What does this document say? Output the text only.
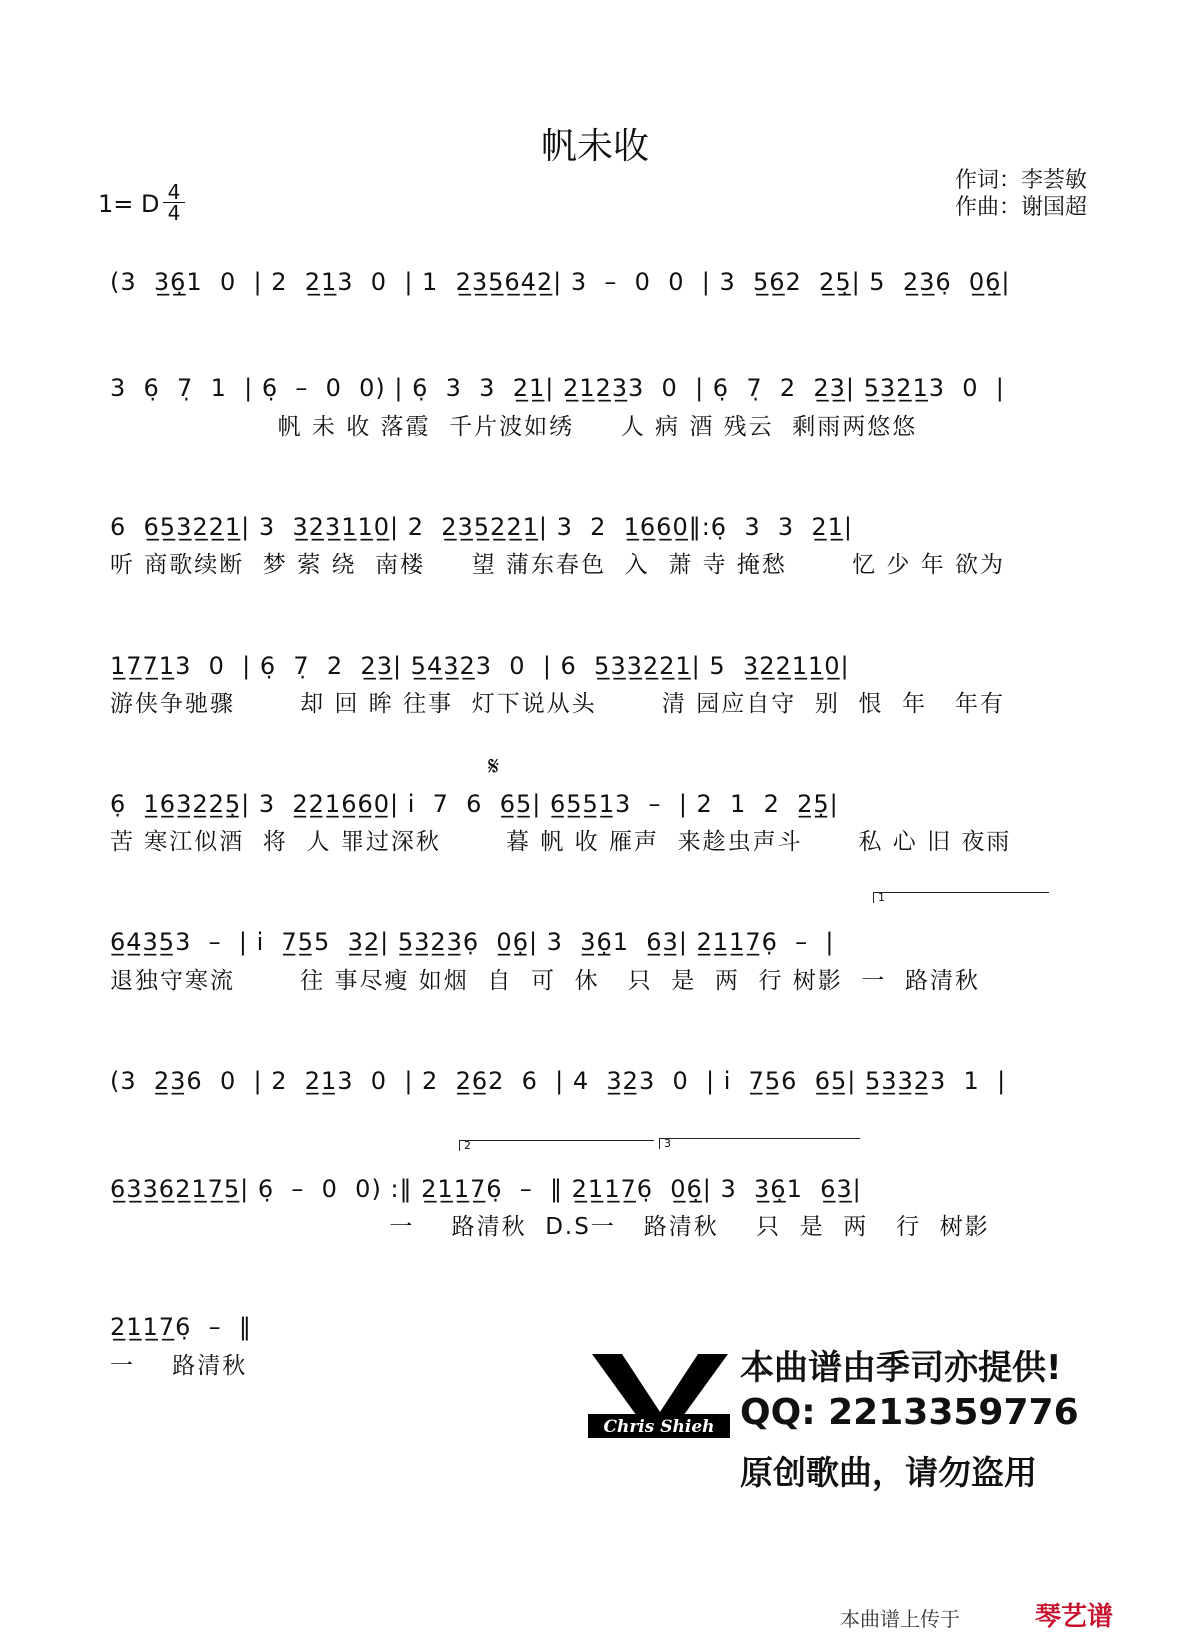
帆未收
1= D $\frac{4}{4}$
作词：李荟敏
作曲：谢国超
(3  3̲6̲̣1  0  | 2  2̲1̲3  0  | 1  2̲3̲5̲6̲4̲2̲| 3  –  0  0  | 3  5̲6̲2  2̲5̣̲| 5  2̲3̲6̣  0̲6̣̲|
3  6̣  7̣  1  | 6̣  –  0  0) | 6̣  3  3  2̲1̲| 2̲1̲2̲3̲3  0  | 6̣  7̣  2  2̲3̲| 5̲3̲2̲1̲3  0  |
帆 未 收 落霞  千片波如绣     人 病 酒 残云  剩雨两悠悠
6  6̲5̲3̲2̲2̲1̲| 3  3̲2̲3̲1̲1̲0̲| 2  2̲3̲5̲2̲2̲1̲| 3  2  1̲6̲6̲0̲‖:6̣  3  3  2̲1̲|
听 商歌续断  梦 萦 绕  南楼     望 蒲东春色  入  萧 寺 掩愁       忆 少 年 欲为
1̲7̲7̲1̲3  0  | 6̣  7̣  2  2̲3̲| 5̲4̲3̲2̲3  0  | 6  5̲3̲3̲2̲2̲1̲| 5  3̲2̲2̲1̲1̲0̲|
游侠争驰骤       却 回 眸 往事  灯下说从头       清 园应自守  别  恨  年   年有
𝄋
6̣  1̲6̲3̲2̲2̲5̣̲| 3  2̲2̲1̲6̲6̲0̲| i  7  6  6̲5̲| 6̲5̲5̲1̲3  –  | 2  1  2  2̲5̣̲|
苦 寒江似酒  将  人 罪过深秋       暮 帆 收 雁声  来趁虫声斗      私 心 旧 夜雨
1
6̲4̲3̲5̲3  –  | i  7̲5̲5  3̲2̲| 5̲3̲2̲3̲6̣  0̲6̣̲| 3  3̲6̲̣1  6̲3̲| 2̲1̲1̲7̲6̣  –  |
退独守寒流       往 事尽瘦 如烟  自  可  休   只  是  两  行 树影  一  路清秋
(3  2̲3̲6  0  | 2  2̲1̲3  0  | 2  2̲6̲2  6  | 4  3̲2̲3  0  | i  7̲5̲6  6̲5̲| 5̲3̲3̲2̲3  1  |
2	3
6̲3̲3̲6̲2̲1̲7̲5̲| 6̣  –  0  0) :‖ 2̲1̲1̲7̲6̣  –  ‖ 2̲1̲1̲7̲6̣  0̲6̣̲| 3  3̲6̲̣1  6̲3̲|
一    路清秋  D.S一   路清秋    只  是  两   行  树影
2̲1̲1̲7̲6̣  –  ‖
一    路清秋
Chris Shieh
本曲谱由季司亦提供!
QQ: 2213359776
原创歌曲，请勿盗用
本曲谱上传于	琴艺谱
